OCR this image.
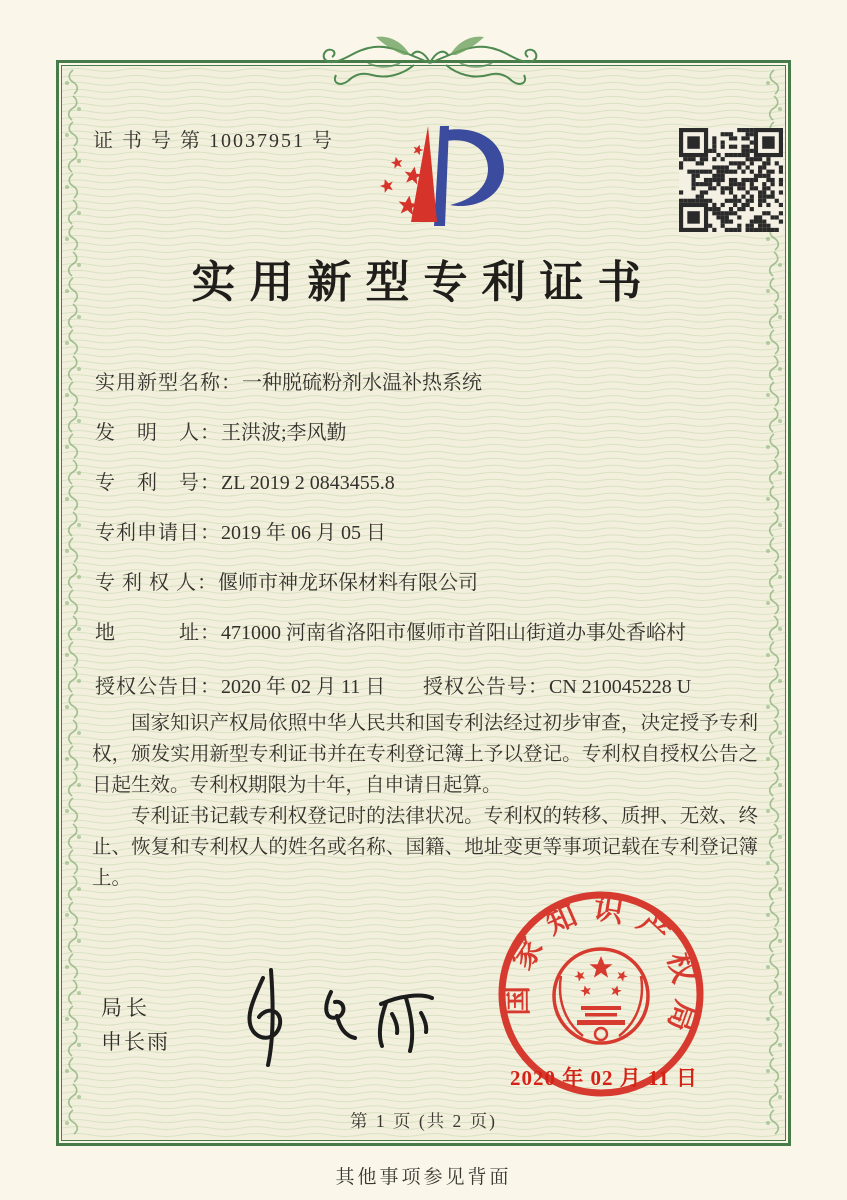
证 书 号 第 10037951 号
实用新型专利证书
实用新型名称：一种脱硫粉剂水温补热系统
发　明　人：王洪波;李风勤
专　利　号：ZL 2019 2 0843455.8
专利申请日：2019 年 06 月 05 日
专 利 权 人：偃师市神龙环保材料有限公司
地　　　址：471000 河南省洛阳市偃师市首阳山街道办事处香峪村
授权公告日：2020 年 02 月 11 日 授权公告号：CN 210045228 U

国家知识产权局依照中华人民共和国专利法经过初步审查，决定授予专利权，颁发实用新型专利证书并在专利登记簿上予以登记。专利权自授权公告之日起生效。专利权期限为十年，自申请日起算。

专利证书记载专利权登记时的法律状况。专利权的转移、质押、无效、终止、恢复和专利权人的姓名或名称、国籍、地址变更等事项记载在专利登记簿上。

局长
申长雨
国家知识产权局
2020 年 02 月 11 日
第 1 页 (共 2 页)
其他事项参见背面
